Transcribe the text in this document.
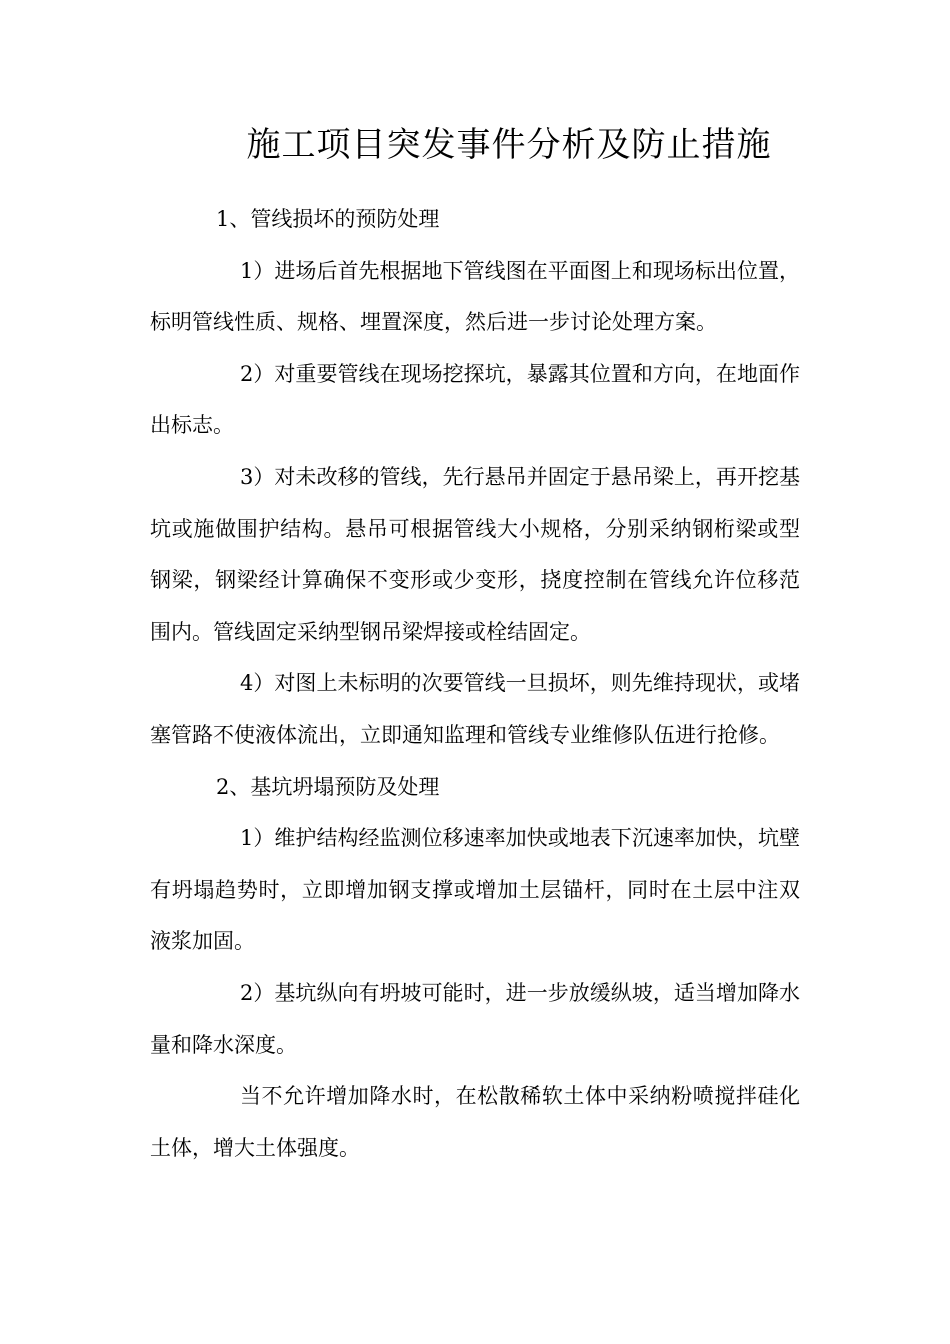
施工项目突发事件分析及防止措施

1、管线损坏的预防处理

1）进场后首先根据地下管线图在平面图上和现场标出位置，标明管线性质、规格、埋置深度，然后进一步讨论处理方案。

2）对重要管线在现场挖探坑，暴露其位置和方向，在地面作出标志。

3）对未改移的管线，先行悬吊并固定于悬吊梁上，再开挖基坑或施做围护结构。悬吊可根据管线大小规格，分别采纳钢桁梁或型钢梁，钢梁经计算确保不变形或少变形，挠度控制在管线允许位移范围内。管线固定采纳型钢吊梁焊接或栓结固定。

4）对图上未标明的次要管线一旦损坏，则先维持现状，或堵塞管路不使液体流出，立即通知监理和管线专业维修队伍进行抢修。

2、基坑坍塌预防及处理

1）维护结构经监测位移速率加快或地表下沉速率加快，坑壁有坍塌趋势时，立即增加钢支撑或增加土层锚杆，同时在土层中注双液浆加固。

2）基坑纵向有坍坡可能时，进一步放缓纵坡，适当增加降水量和降水深度。

当不允许增加降水时，在松散稀软土体中采纳粉喷搅拌硅化土体，增大土体强度。
